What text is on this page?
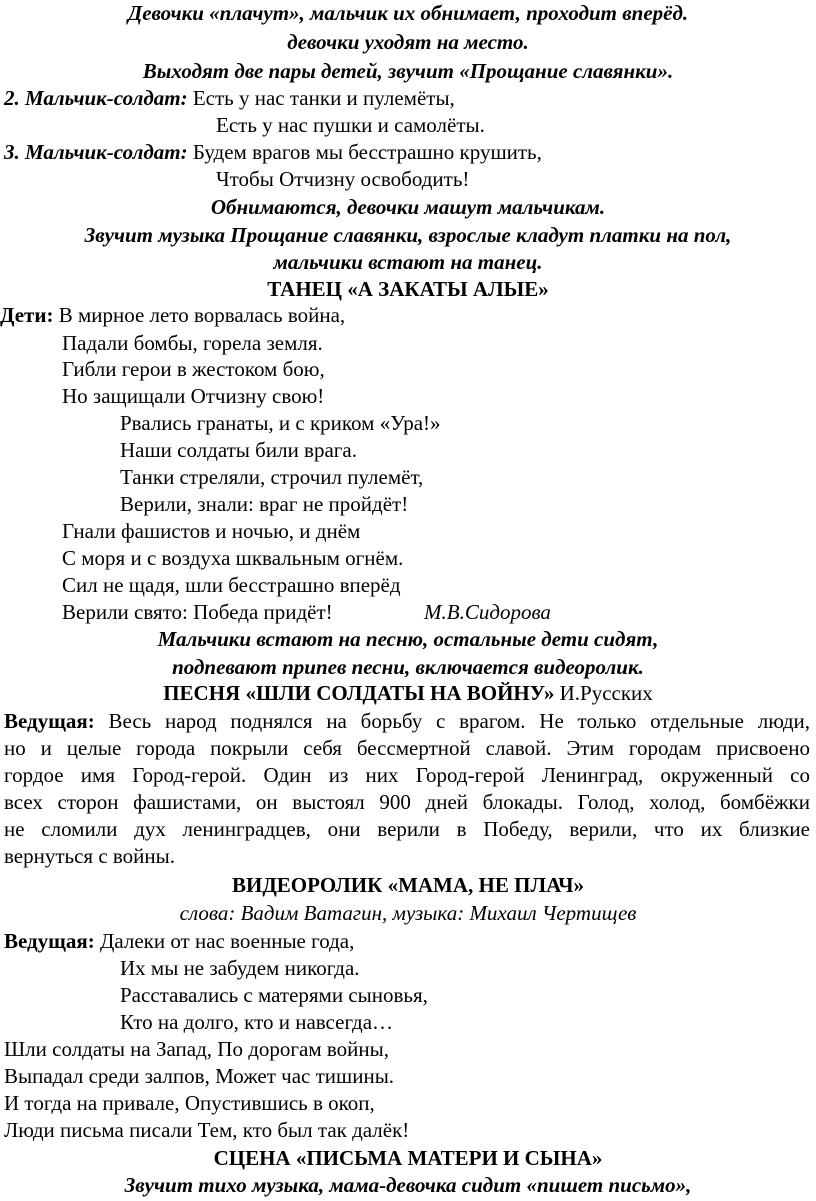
Девочки «плачут», мальчик их обнимает, проходит вперёд.
девочки уходят на место.
Выходят две пары детей, звучит «Прощание славянки».
2. Мальчик-солдат: Есть у нас танки и пулемёты,
Есть у нас пушки и самолёты.
3. Мальчик-солдат: Будем врагов мы бесстрашно крушить,
Чтобы Отчизну освободить!
Обнимаются, девочки машут мальчикам.
Звучит музыка Прощание славянки, взрослые кладут платки на пол,
мальчики встают на танец.
ТАНЕЦ «А ЗАКАТЫ АЛЫЕ»
Дети: В мирное лето ворвалась война,
Падали бомбы, горела земля.
Гибли герои в жестоком бою,
Но защищали Отчизну свою!
Рвались гранаты, и с криком «Ура!»
Наши солдаты били врага.
Танки стреляли, строчил пулемёт,
Верили, знали: враг не пройдёт!
Гнали фашистов и ночью, и днём
С моря и с воздуха шквальным огнём.
Сил не щадя, шли бесстрашно вперёд
Верили свято: Победа придёт!	М.В.Сидорова
Мальчики встают на песню, остальные дети сидят,
подпевают припев песни, включается видеоролик.
ПЕСНЯ «ШЛИ СОЛДАТЫ НА ВОЙНУ» И.Русских
Ведущая: Весь народ поднялся на борьбу с врагом. Не только отдельные люди,
но и целые города покрыли себя бессмертной славой. Этим городам присвоено
гордое имя Город-герой. Один из них Город-герой Ленинград, окруженный со
всех сторон фашистами, он выстоял 900 дней блокады. Голод, холод, бомбёжки
не сломили дух ленинградцев, они верили в Победу, верили, что их близкие
вернуться с войны.
ВИДЕОРОЛИК «МАМА, НЕ ПЛАЧ»
слова: Вадим Ватагин, музыка: Михаил Чертищев
Ведущая: Далеки от нас военные года,
Их мы не забудем никогда.
Расставались с матерями сыновья,
Кто на долго, кто и навсегда…
Шли солдаты на Запад, По дорогам войны,
Выпадал среди залпов, Может час тишины.
И тогда на привале, Опустившись в окоп,
Люди письма писали Тем, кто был так далёк!
СЦЕНА «ПИСЬМА МАТЕРИ И СЫНА»
Звучит тихо музыка, мама-девочка сидит «пишет письмо»,
